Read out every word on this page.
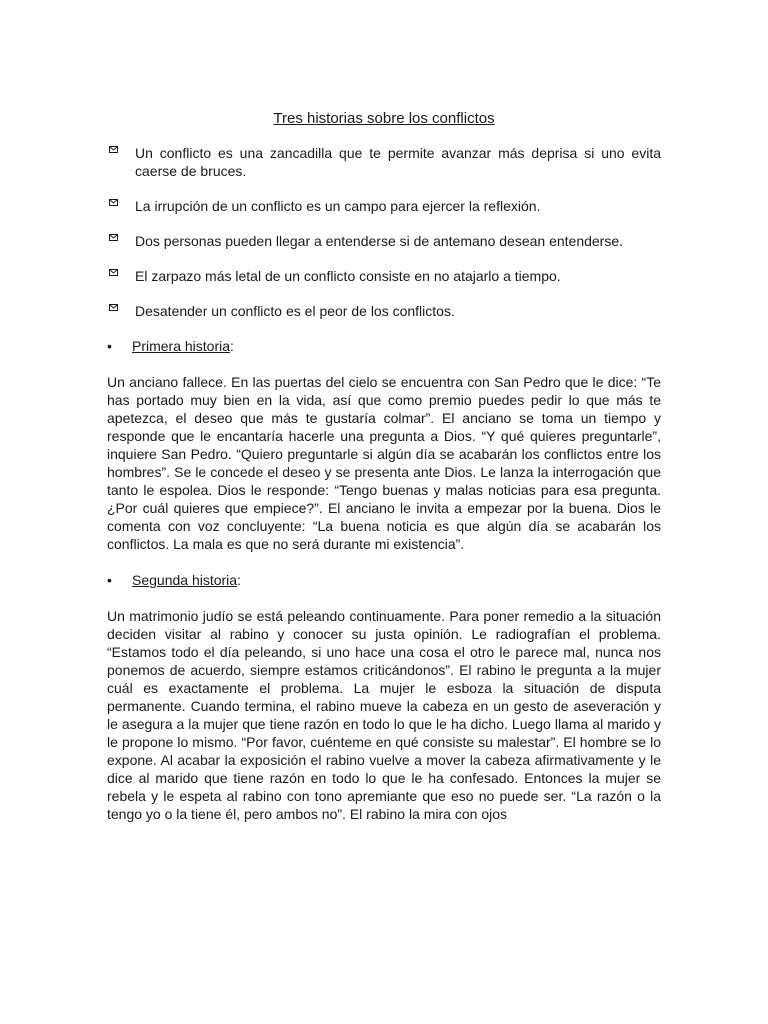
Tres historias sobre los conflictos
Un conflicto es una zancadilla que te permite avanzar más deprisa si uno evita caerse de bruces.
La irrupción de un conflicto es un campo para ejercer la reflexión.
Dos personas pueden llegar a entenderse si de antemano desean entenderse.
El zarpazo más letal de un conflicto consiste en no atajarlo a tiempo.
Desatender un conflicto es el peor de los conflictos.
•	Primera historia:

Un anciano fallece. En las puertas del cielo se encuentra con San Pedro que le dice: “Te has portado muy bien en la vida, así que como premio puedes pedir lo que más te apetezca, el deseo que más te gustaría colmar”. El anciano se toma un tiempo y responde que le encantaría hacerle una pregunta a Dios. “Y qué quieres preguntarle”, inquiere San Pedro. “Quiero preguntarle si algún día se acabarán los conflictos entre los hombres”. Se le concede el deseo y se presenta ante Dios. Le lanza la interrogación que tanto le espolea. Dios le responde: “Tengo buenas y malas noticias para esa pregunta. ¿Por cuál quieres que empiece?”. El anciano le invita a empezar por la buena. Dios le comenta con voz concluyente: “La buena noticia es que algún día se acabarán los conflictos. La mala es que no será durante mi existencia”.

•	Segunda historia:

Un matrimonio judío se está peleando continuamente. Para poner remedio a la situación deciden visitar al rabino y conocer su justa opinión. Le radiografían el problema. “Estamos todo el día peleando, si uno hace una cosa el otro le parece mal, nunca nos ponemos de acuerdo, siempre estamos criticándonos”. El rabino le pregunta a la mujer cuál es exactamente el problema. La mujer le esboza la situación de disputa permanente. Cuando termina, el rabino mueve la cabeza en un gesto de aseveración y le asegura a la mujer que tiene razón en todo lo que le ha dicho. Luego llama al marido y le propone lo mismo. “Por favor, cuénteme en qué consiste su malestar”. El hombre se lo expone. Al acabar la exposición el rabino vuelve a mover la cabeza afirmativamente y le dice al marido que tiene razón en todo lo que le ha confesado. Entonces la mujer se rebela y le espeta al rabino con tono apremiante que eso no puede ser. “La razón o la tengo yo o la tiene él, pero ambos no”. El rabino la mira con ojos
